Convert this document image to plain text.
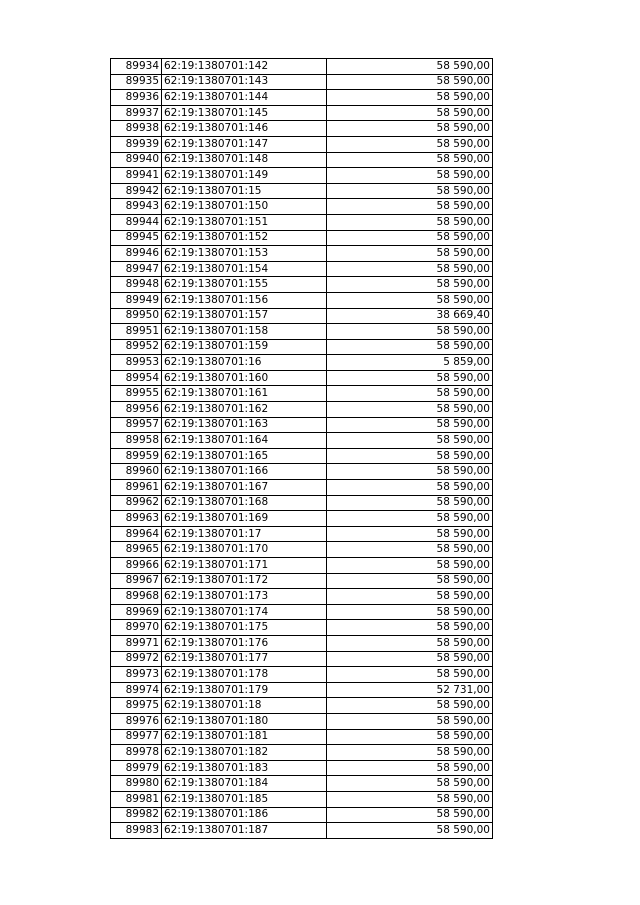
89934	62:19:1380701:142	58 590,00
89935	62:19:1380701:143	58 590,00
89936	62:19:1380701:144	58 590,00
89937	62:19:1380701:145	58 590,00
89938	62:19:1380701:146	58 590,00
89939	62:19:1380701:147	58 590,00
89940	62:19:1380701:148	58 590,00
89941	62:19:1380701:149	58 590,00
89942	62:19:1380701:15	58 590,00
89943	62:19:1380701:150	58 590,00
89944	62:19:1380701:151	58 590,00
89945	62:19:1380701:152	58 590,00
89946	62:19:1380701:153	58 590,00
89947	62:19:1380701:154	58 590,00
89948	62:19:1380701:155	58 590,00
89949	62:19:1380701:156	58 590,00
89950	62:19:1380701:157	38 669,40
89951	62:19:1380701:158	58 590,00
89952	62:19:1380701:159	58 590,00
89953	62:19:1380701:16	5 859,00
89954	62:19:1380701:160	58 590,00
89955	62:19:1380701:161	58 590,00
89956	62:19:1380701:162	58 590,00
89957	62:19:1380701:163	58 590,00
89958	62:19:1380701:164	58 590,00
89959	62:19:1380701:165	58 590,00
89960	62:19:1380701:166	58 590,00
89961	62:19:1380701:167	58 590,00
89962	62:19:1380701:168	58 590,00
89963	62:19:1380701:169	58 590,00
89964	62:19:1380701:17	58 590,00
89965	62:19:1380701:170	58 590,00
89966	62:19:1380701:171	58 590,00
89967	62:19:1380701:172	58 590,00
89968	62:19:1380701:173	58 590,00
89969	62:19:1380701:174	58 590,00
89970	62:19:1380701:175	58 590,00
89971	62:19:1380701:176	58 590,00
89972	62:19:1380701:177	58 590,00
89973	62:19:1380701:178	58 590,00
89974	62:19:1380701:179	52 731,00
89975	62:19:1380701:18	58 590,00
89976	62:19:1380701:180	58 590,00
89977	62:19:1380701:181	58 590,00
89978	62:19:1380701:182	58 590,00
89979	62:19:1380701:183	58 590,00
89980	62:19:1380701:184	58 590,00
89981	62:19:1380701:185	58 590,00
89982	62:19:1380701:186	58 590,00
89983	62:19:1380701:187	58 590,00
